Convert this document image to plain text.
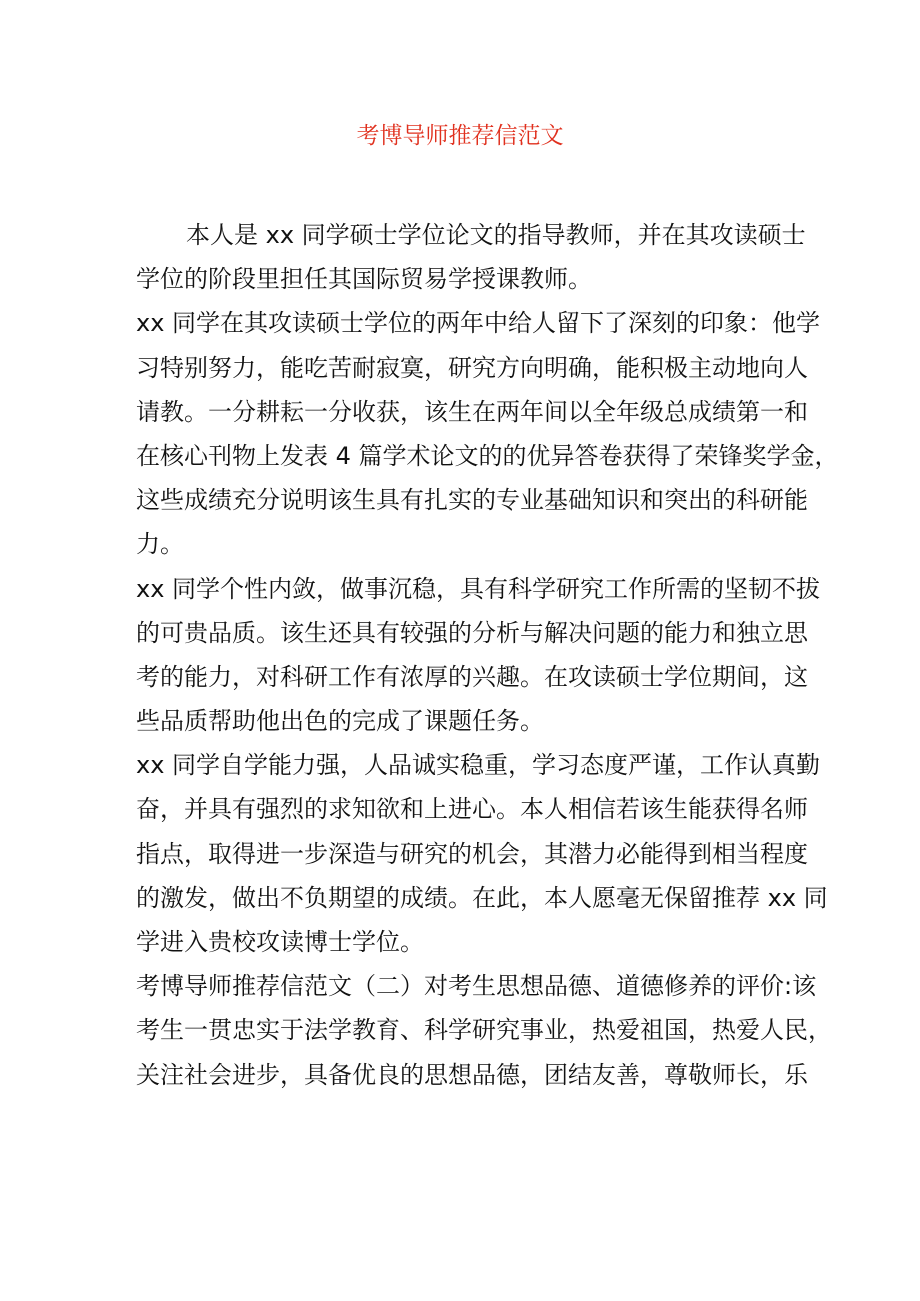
考博导师推荐信范文
本人是 xx 同学硕士学位论文的指导教师，并在其攻读硕士
学位的阶段里担任其国际贸易学授课教师。
xx 同学在其攻读硕士学位的两年中给人留下了深刻的印象：他学
习特别努力，能吃苦耐寂寞，研究方向明确，能积极主动地向人
请教。一分耕耘一分收获，该生在两年间以全年级总成绩第一和
在核心刊物上发表 4 篇学术论文的的优异答卷获得了荣锋奖学金，
这些成绩充分说明该生具有扎实的专业基础知识和突出的科研能
力。
xx 同学个性内敛，做事沉稳，具有科学研究工作所需的坚韧不拔
的可贵品质。该生还具有较强的分析与解决问题的能力和独立思
考的能力，对科研工作有浓厚的兴趣。在攻读硕士学位期间，这
些品质帮助他出色的完成了课题任务。
xx 同学自学能力强，人品诚实稳重，学习态度严谨，工作认真勤
奋，并具有强烈的求知欲和上进心。本人相信若该生能获得名师
指点，取得进一步深造与研究的机会，其潜力必能得到相当程度
的激发，做出不负期望的成绩。在此，本人愿毫无保留推荐 xx 同
学进入贵校攻读博士学位。
考博导师推荐信范文（二）对考生思想品德、道德修养的评价:该
考生一贯忠实于法学教育、科学研究事业，热爱祖国，热爱人民，
关注社会进步，具备优良的思想品德，团结友善，尊敬师长，乐
